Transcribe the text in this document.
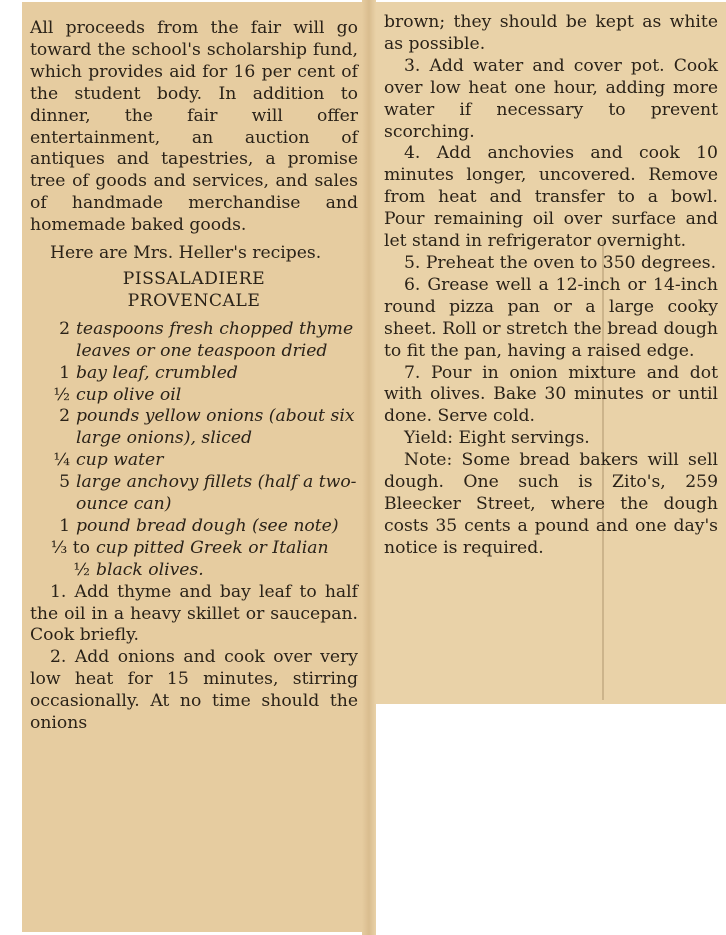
All proceeds from the fair will go toward the school's scholarship fund, which provides aid for 16 per cent of the student body. In addition to dinner, the fair will offer entertainment, an auction of antiques and tapestries, a promise tree of goods and services, and sales of handmade merchandise and homemade baked goods.

Here are Mrs. Heller's recipes.

PISSALADIERE

PROVENCALE

2 teaspoons fresh chopped thyme leaves or one teaspoon dried
1 bay leaf, crumbled
½ cup olive oil
2 pounds yellow onions (about six large onions), sliced
¼ cup water
5 large anchovy fillets (half a two-ounce can)
1 pound bread dough (see note)
⅓ to ½
cup pitted Greek or Italian black olives.

1. Add thyme and bay leaf to half the oil in a heavy skillet or saucepan. Cook briefly.

2. Add onions and cook over very low heat for 15 minutes, stirring occasionally. At no time should the onions

brown; they should be kept as white as possible.

3. Add water and cover pot. Cook over low heat one hour, adding more water if necessary to prevent scorching.

4. Add anchovies and cook 10 minutes longer, uncovered. Remove from heat and transfer to a bowl. Pour remaining oil over surface and let stand in refrigerator overnight.

5. Preheat the oven to 350 degrees.

6. Grease well a 12-inch or 14-inch round pizza pan or a large cooky sheet. Roll or stretch the bread dough to fit the pan, having a raised edge.

7. Pour in onion mixture and dot with olives. Bake 30 minutes or until done. Serve cold.

Yield: Eight servings.

Note: Some bread bakers will sell dough. One such is Zito's, 259 Bleecker Street, where the dough costs 35 cents a pound and one day's notice is required.
